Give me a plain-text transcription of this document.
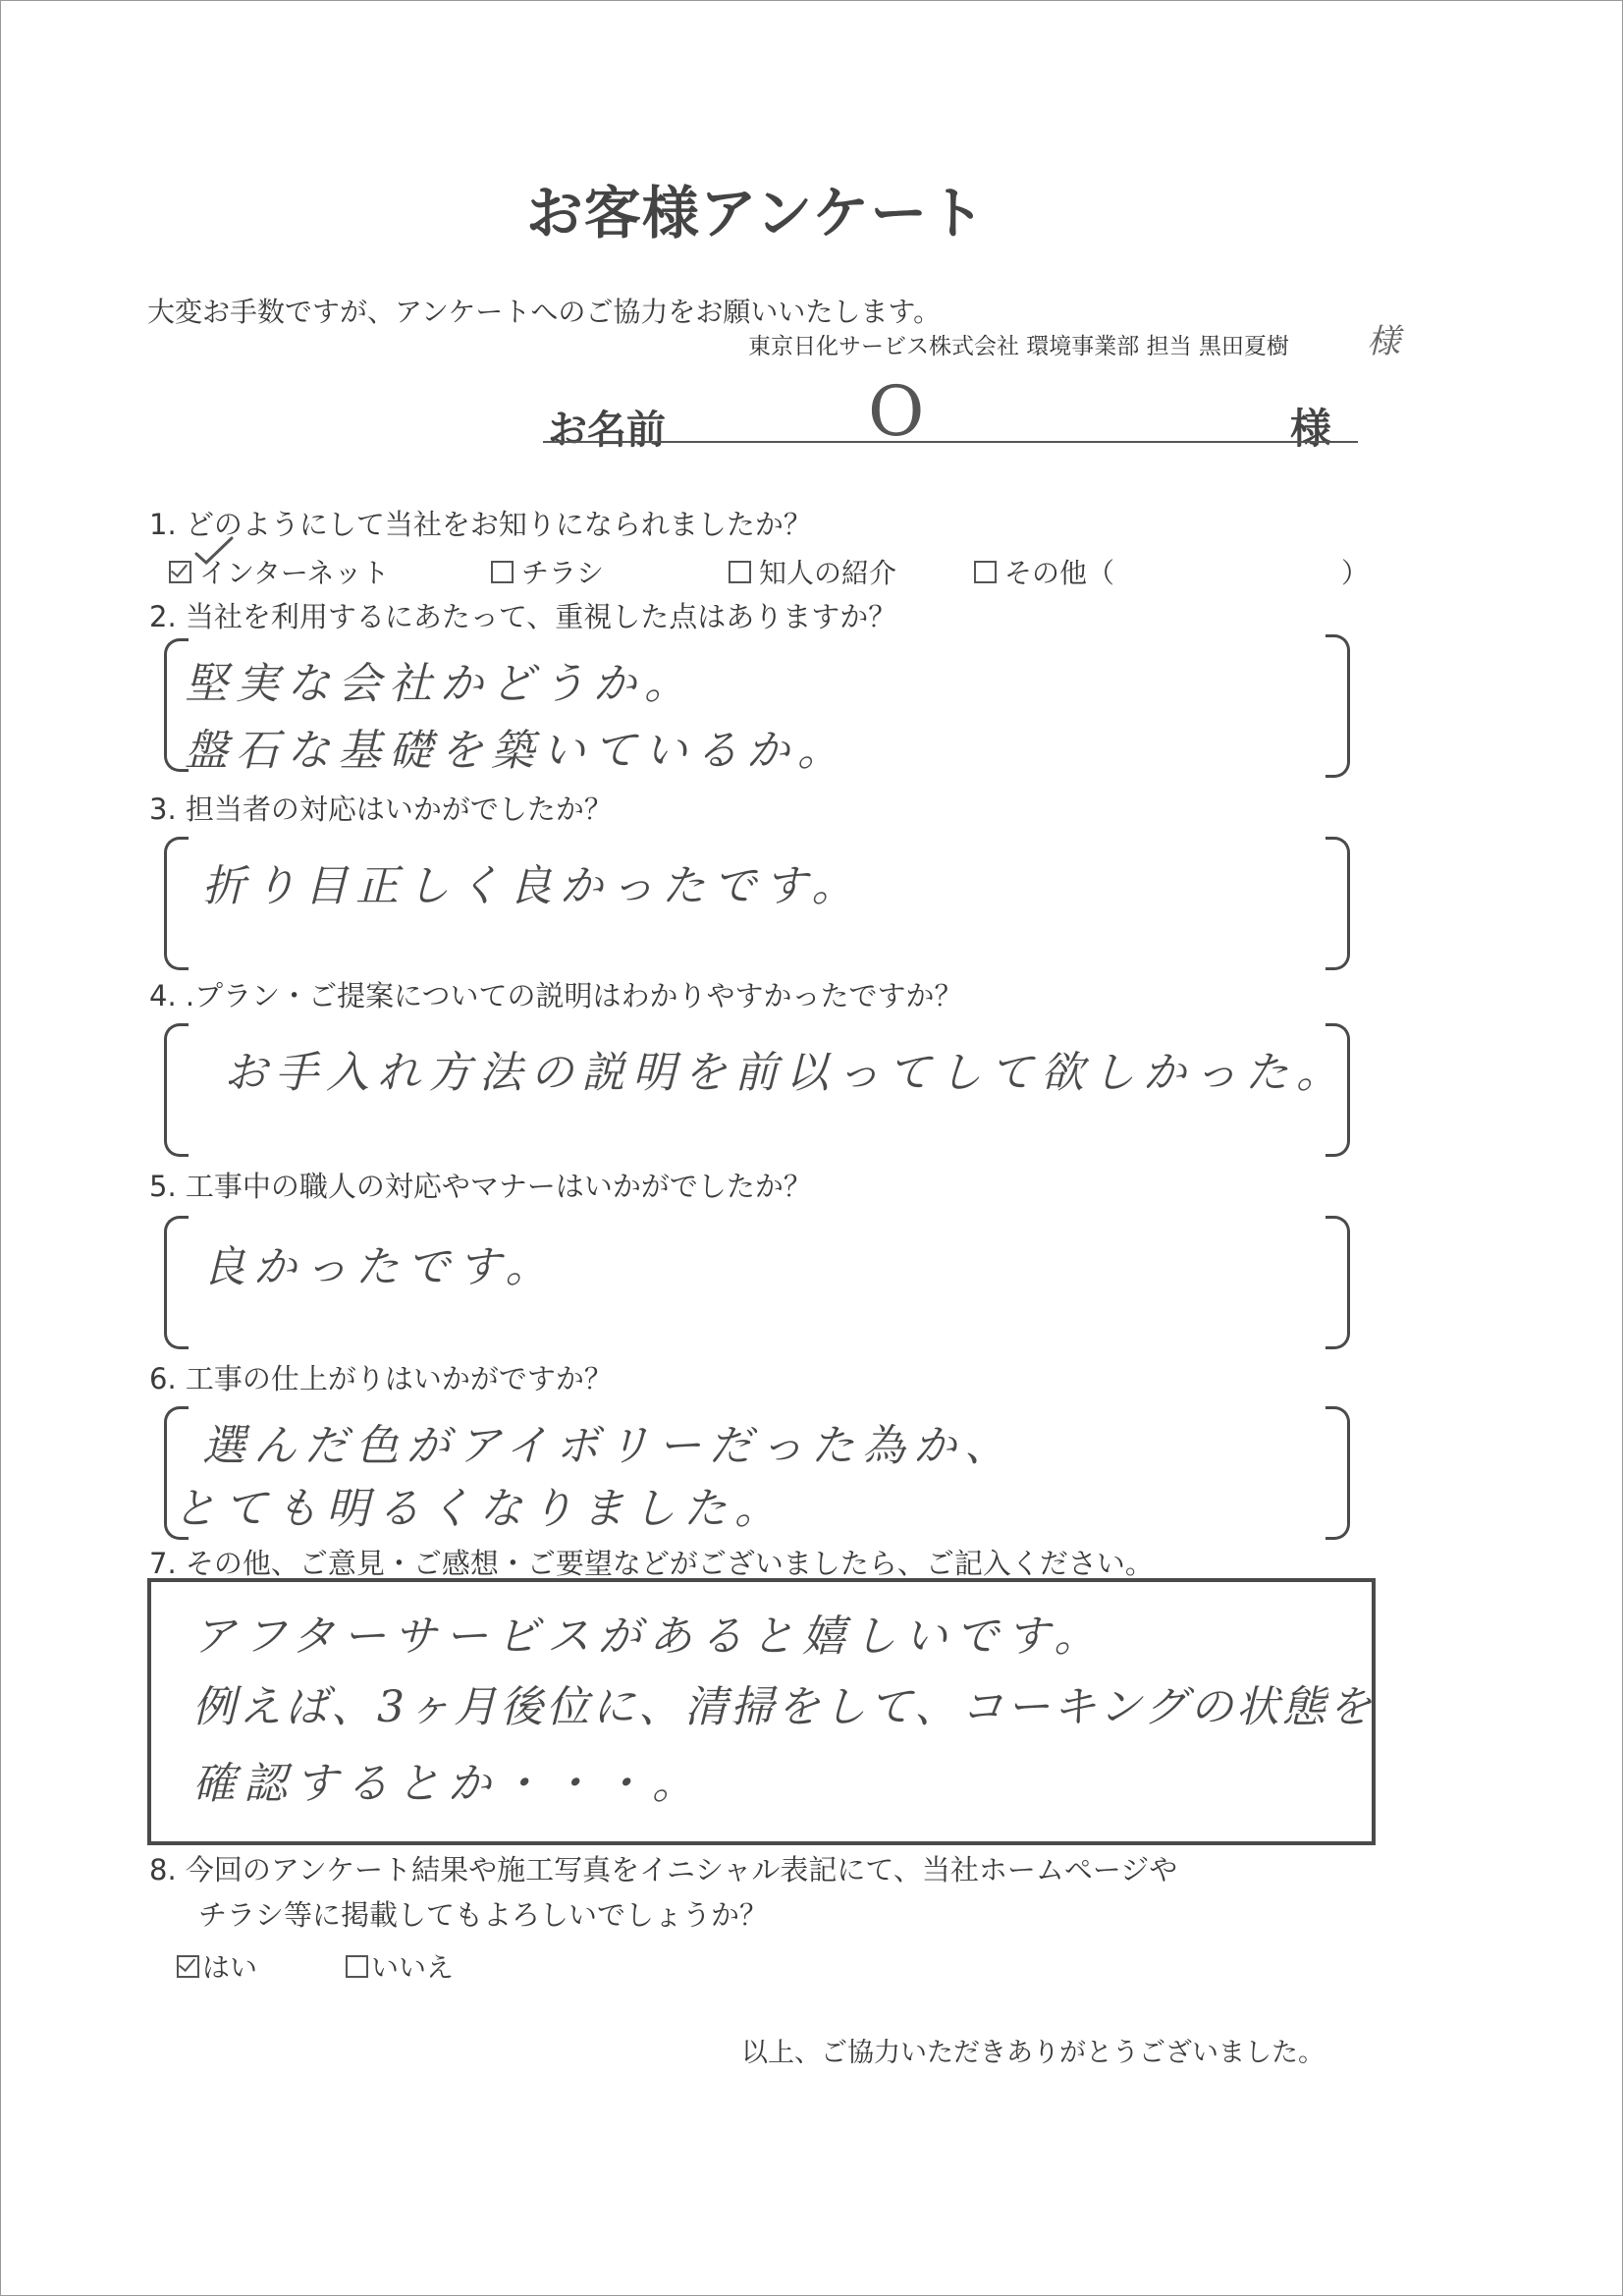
お客様アンケート
大変お手数ですが、アンケートへのご協力をお願いいたします。
東京日化サービス株式会社 環境事業部 担当 黒田夏樹 様
お名前	O	様
1. どのようにして当社をお知りになられましたか？
インターネット	チラシ	知人の紹介	その他（	）
2. 当社を利用するにあたって、重視した点はありますか？
堅実な会社かどうか。
盤石な基礎を築いているか。
3. 担当者の対応はいかがでしたか？
折り目正しく良かったです。
4. .プラン・ご提案についての説明はわかりやすかったですか？
お手入れ方法の説明を前以ってして欲しかった。
5. 工事中の職人の対応やマナーはいかがでしたか？
良かったです。
6. 工事の仕上がりはいかがですか？
選んだ色がアイボリーだった為か、
とても明るくなりました。
7. その他、ご意見・ご感想・ご要望などがございましたら、ご記入ください。
アフターサービスがあると嬉しいです。
例えば、3ヶ月後位に、清掃をして、コーキングの状態を
確認するとか・・・。
8. 今回のアンケート結果や施工写真をイニシャル表記にて、当社ホームページや
チラシ等に掲載してもよろしいでしょうか？
はい	いいえ
以上、ご協力いただきありがとうございました。
